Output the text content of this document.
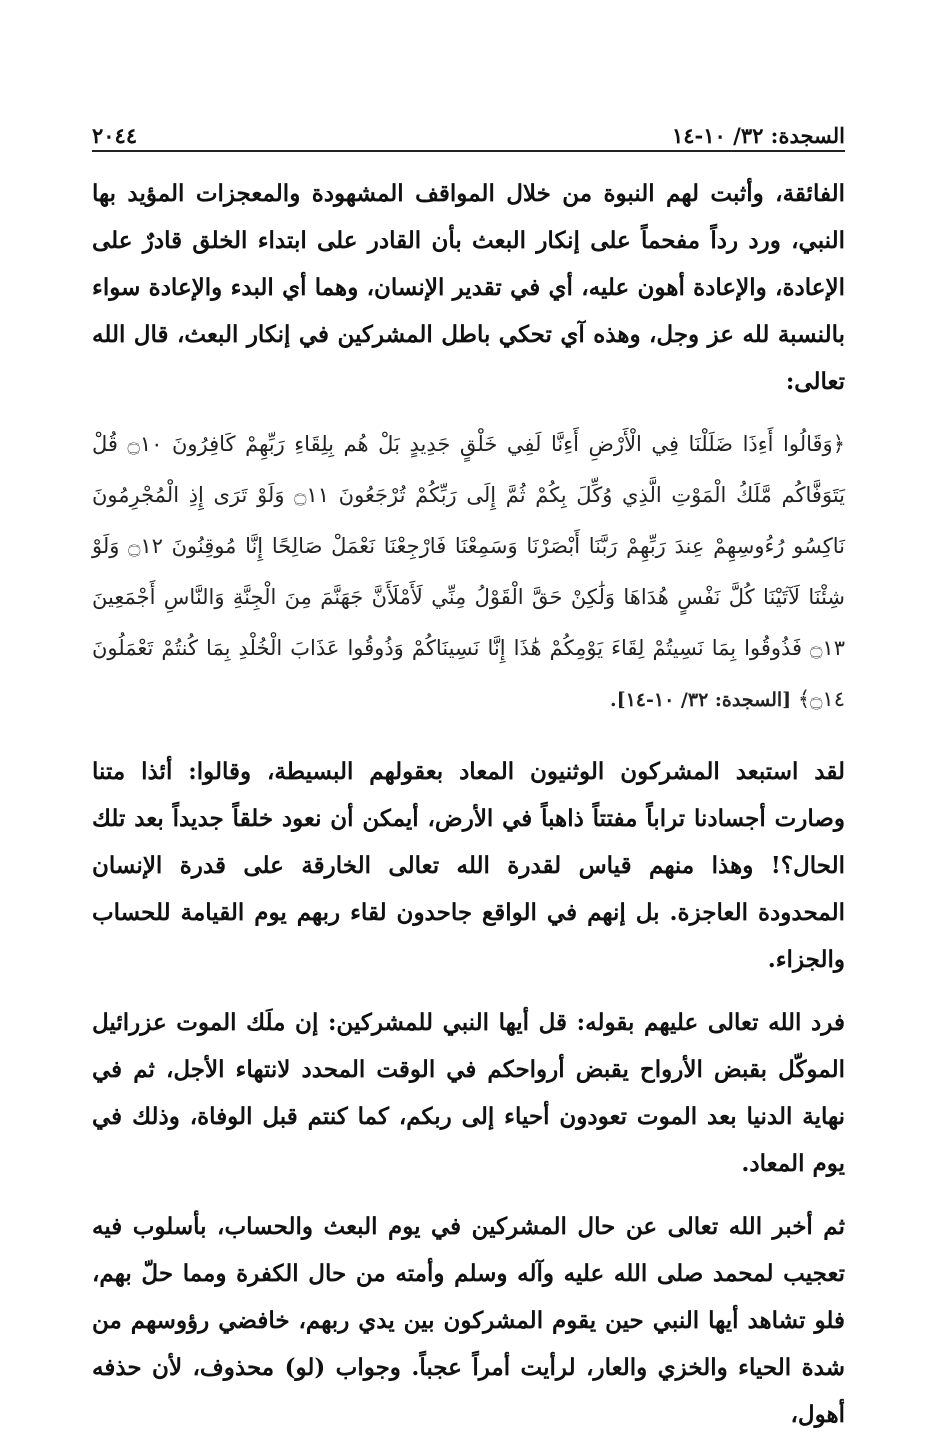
٢٠٤٤	السجدة: ٣٢/ ١٠-١٤

الفائقة، وأثبت لهم النبوة من خلال المواقف المشهودة والمعجزات المؤيد بها النبي، ورد رداً مفحماً على إنكار البعث بأن القادر على ابتداء الخلق قادرٌ على الإعادة، والإعادة أهون عليه، أي في تقدير الإنسان، وهما أي البدء والإعادة سواء بالنسبة لله عز وجل، وهذه آي تحكي باطل المشركين في إنكار البعث، قال الله تعالى:

﴿وَقَالُوا أَءِذَا ضَلَلْنَا فِي الْأَرْضِ أَءِنَّا لَفِي خَلْقٍ جَدِيدٍ بَلْ هُم بِلِقَاءِ رَبِّهِمْ كَافِرُونَ ۝١٠ قُلْ يَتَوَفَّاكُم مَّلَكُ الْمَوْتِ الَّذِي وُكِّلَ بِكُمْ ثُمَّ إِلَى رَبِّكُمْ تُرْجَعُونَ ۝١١ وَلَوْ تَرَى إِذِ الْمُجْرِمُونَ نَاكِسُو رُءُوسِهِمْ عِندَ رَبِّهِمْ رَبَّنَا أَبْصَرْنَا وَسَمِعْنَا فَارْجِعْنَا نَعْمَلْ صَالِحًا إِنَّا مُوقِنُونَ ۝١٢ وَلَوْ شِئْنَا لَآتَيْنَا كُلَّ نَفْسٍ هُدَاهَا وَلَٰكِنْ حَقَّ الْقَوْلُ مِنِّي لَأَمْلَأَنَّ جَهَنَّمَ مِنَ الْجِنَّةِ وَالنَّاسِ أَجْمَعِينَ ۝١٣ فَذُوقُوا بِمَا نَسِيتُمْ لِقَاءَ يَوْمِكُمْ هَٰذَا إِنَّا نَسِينَاكُمْ وَذُوقُوا عَذَابَ الْخُلْدِ بِمَا كُنتُمْ تَعْمَلُونَ ۝١٤﴾ [السجدة: ٣٢/ ١٠-١٤].

لقد استبعد المشركون الوثنيون المعاد بعقولهم البسيطة، وقالوا: أئذا متنا وصارت أجسادنا تراباً مفتتاً ذاهباً في الأرض، أيمكن أن نعود خلقاً جديداً بعد تلك الحال؟! وهذا منهم قياس لقدرة الله تعالى الخارقة على قدرة الإنسان المحدودة العاجزة. بل إنهم في الواقع جاحدون لقاء ربهم يوم القيامة للحساب والجزاء.

فرد الله تعالى عليهم بقوله: قل أيها النبي للمشركين: إن ملَك الموت عزرائيل الموكّل بقبض الأرواح يقبض أرواحكم في الوقت المحدد لانتهاء الأجل، ثم في نهاية الدنيا بعد الموت تعودون أحياء إلى ربكم، كما كنتم قبل الوفاة، وذلك في يوم المعاد.

ثم أخبر الله تعالى عن حال المشركين في يوم البعث والحساب، بأسلوب فيه تعجيب لمحمد صلى الله عليه وآله وسلم وأمته من حال الكفرة ومما حلّ بهم، فلو تشاهد أيها النبي حين يقوم المشركون بين يدي ربهم، خافضي رؤوسهم من شدة الحياء والخزي والعار، لرأيت أمراً عجباً. وجواب (لو) محذوف، لأن حذفه أهول،
